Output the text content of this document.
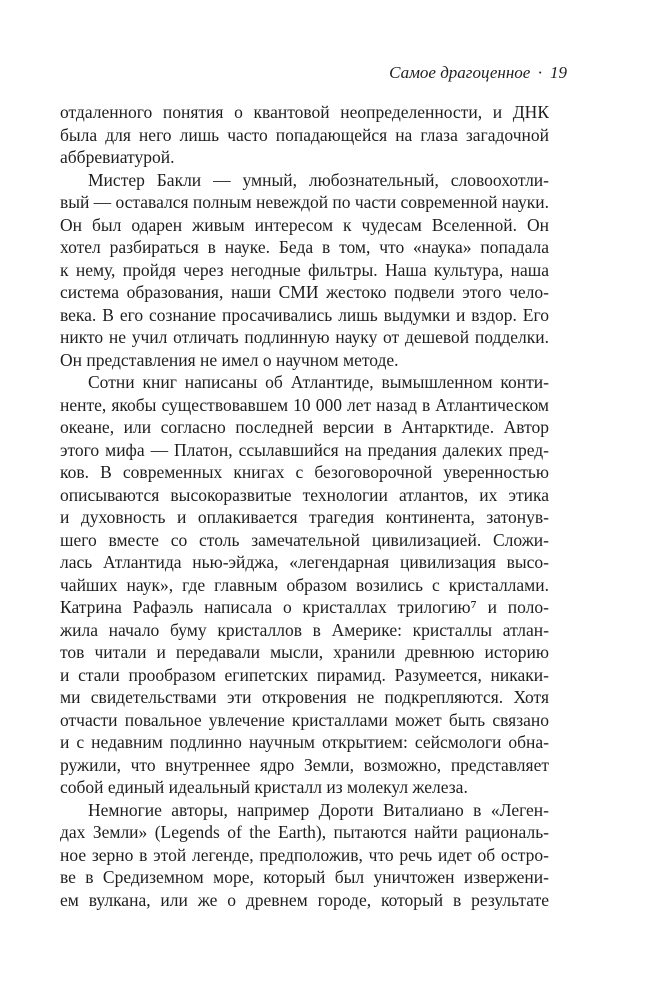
Самое драгоценное · 19
отдаленного понятия о квантовой неопределенности, и ДНК
была для него лишь часто попадающейся на глаза загадочной
аббревиатурой.
Мистер Бакли — умный, любознательный, словоохотли-
вый — оставался полным невеждой по части современной науки.
Он был одарен живым интересом к чудесам Вселенной. Он
хотел разбираться в науке. Беда в том, что «наука» попадала
к нему, пройдя через негодные фильтры. Наша культура, наша
система образования, наши СМИ жестоко подвели этого чело-
века. В его сознание просачивались лишь выдумки и вздор. Его
никто не учил отличать подлинную науку от дешевой подделки.
Он представления не имел о научном методе.
Сотни книг написаны об Атлантиде, вымышленном конти-
ненте, якобы существовавшем 10 000 лет назад в Атлантическом
океане, или согласно последней версии в Антарктиде. Автор
этого мифа — Платон, ссылавшийся на предания далеких пред-
ков. В современных книгах с безоговорочной уверенностью
описываются высокоразвитые технологии атлантов, их этика
и духовность и оплакивается трагедия континента, затонув-
шего вместе со столь замечательной цивилизацией. Сложи-
лась Атлантида нью-эйджа, «легендарная цивилизация высо-
чайших наук», где главным образом возились с кристаллами.
Катрина Рафаэль написала о кристаллах трилогию⁷ и поло-
жила начало буму кристаллов в Америке: кристаллы атлан-
тов читали и передавали мысли, хранили древнюю историю
и стали прообразом египетских пирамид. Разумеется, никаки-
ми свидетельствами эти откровения не подкрепляются. Хотя
отчасти повальное увлечение кристаллами может быть связано
и с недавним подлинно научным открытием: сейсмологи обна-
ружили, что внутреннее ядро Земли, возможно, представляет
собой единый идеальный кристалл из молекул железа.
Немногие авторы, например Дороти Виталиано в «Леген-
дах Земли» (Legends of the Earth), пытаются найти рациональ-
ное зерно в этой легенде, предположив, что речь идет об остро-
ве в Средиземном море, который был уничтожен извержени-
ем вулкана, или же о древнем городе, который в результате
